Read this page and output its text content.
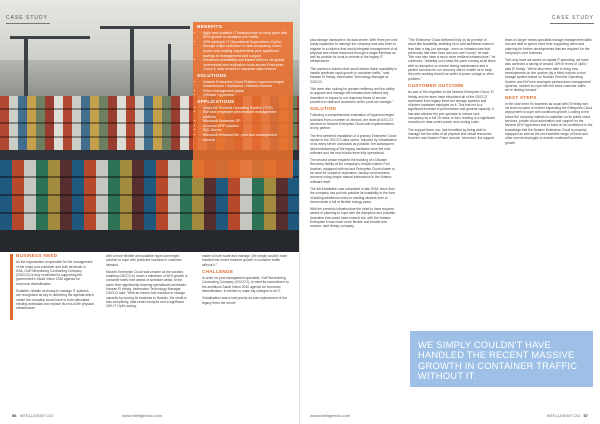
CASE STUDY
BENEFITS
• Agile and scalable IT infrastructure to keep pace with 50% growth in container port traffic
• 15% saving in IT Operational Expenditure (OpEx) through major reduction in rack occupancy, lower power and cooling requirements plus significant savings in management and support
• Enhanced availability and instant failover via global incremental and replication tools across Enterprise Cloud & data centres in separate data centres
SOLUTIONS
• Nutanix Enterprise Cloud Platform hyperconverged infrastructure / replication / Nutanix clusters
• Prism management plane
• VMware Hypervisor
APPLICATIONS
• Navis N4 Terminal Operating System (TOS)
• EnForce employee performance management platform
• Microsoft Dynamics GP
• In-house ERP solution
• SQL Server
• Microsoft Windows file, print and management servers
BUSINESS NEED

As the organisation responsible for the management of the major port container and bulk terminals in KSA, Gulf Stevedoring Contracting Company (GSCCO) is fully committed to supporting the government's Saudi Vision 2030 agenda for economic diversification.

Scalable, reliable and easy to manage IT systems are recognised as key to delivering the agenda which meant the company would have to both rationalise existing workloads and replace its end-of-life physical infrastructure

with a more flexible and scalable hyper-converged solution to cope with predicted increase in customer demand.

Nutanix Enterprise Cloud was chosen as the solution, enabling GSCCO to reach a milestone of 50% growth in container traffic well ahead of schedule whilst, at the same time significantly lowering operational overheads. Hassan El Helaly, Information Technology Manager, GSCCO said: "With an eleven-fold increase in storage capacity by moving its business to Nutanix, the result is less complexity, data centre footprint and a significant 15% IT OpEx saving,

easier to both scale and manage. We simply couldn't have handled the recent massive growth in container traffic without it."

CHALLENGE

In order for port management specialist, Gulf Stevedoring Contracting Company (GSCCO), to meet its commitment to the ambitious Saudi Vision 2030 agenda for economic diversification, it needed to make big changes to its IT.

Virtualisation was a real priority as was replacement of the legacy three-tier server

56 INTELLIGENT CIO	www.intelligentcio.com
CASE STUDY

plus storage hardware in its data centre. With three per cent ready expansion to manage the company was also keen to migrate to a solution that would integrate management of all physical and virtual resources through a single interface as well as provide for local-to-remote of the legacy IT infrastructure.

"We wanted a solution that would deliver linear scalability to handle predicted rapid growth in container traffic," said Hassan El Helaly, Information Technology Manager at GSCCO.

"We were also looking for greater resiliency and the ability to upgrade and manage the infrastructure without any downtime or impact to our response times of service provided to staff and customers at the ports we manage."

SOLUTION

Following a comprehensive evaluation of hyperconverged solutions from a number of vendors, the team at GSCCO decided on Nutanix Enterprise Cloud with implementation led by partner.

The first weekend installation of a primary Enterprise Cloud cluster in the GSCCO data centre, followed by virtualisation of as many server workloads as possible, the subsequent decommissioning of the legacy hardware once the new software and the new blocks were fully operational.

The second phase required the building of a Disaster Recovery facility at the company's Jeddah Islamic Port location, equipped with second Enterprise Cloud cluster to be used for snapshot replication, backup and business recovery using simple natural instructions in the Nutanix software itself.

The full installation was completed in late 2016, since then the company has put into practice its scalability in the form of adding additional nodes to existing clusters over to demonstrate a full of flexible energy years.

With the previous infrastructure the need to have required weeks of planning to cope with the disruption and possible downtime that would have ensued but, with the Nutanix Enterprise it was much more flexible and trouble-free manner, said Helaly, company.

"The Enterprise Cloud delivered fully on its promise of cloud-like scalability, enabling us to add additional nodes in less than a day (on average - even on infrastructure that previously had seen fixed add-ons over hours)" he said. "We now also have a much more resilient infrastructure," he continued, "allowing us to keep the ports running at all times with no disruption or service during maintenance and a perfect scenario for our recovery site to enable us to keep the ports working should we suffer a power outage or other problem."

CUSTOMER OUTCOME

As part of the migration to the Nutanix Enterprise Cloud, El Helaly and his team have virtualised all of the GSCCO workloads from legacy three-tier storage systems and vSphere hardware deployed on it. This has led to a significant increase in performance and general capacity. It has also allowed the port operator to reduce rack occupancy by a full 15 racks, in turn, leading to a significant reduction in data centre power and cooling costs.

The support team, too, has benefited by being able to manage the two sites of all physical and virtual resources from the one Nutanix Prism console. Moreover, the support

team no longer needs specialist storage management skills and are able to spend more time supporting users and planning for further developments that are required for the company's core business.

"Not only have we saved on capital IT spending, we have also achieved a saving of around 15% in terms of OpEx," said El Helaly. "We've also been able to bring new developments on line quicker (by a third) include a new storage system based on Nutanix Terminal Operating System and EnForce employee performance management systems, needed to cope with the extra customer traffic we're dealing forward."

NEXT STEPS

In the short term it's business as usual with El Helaly and his team focused on further expanding the Enterprise Cloud deployment to cope with continued growth. Looking to the future the company intends to capitalise on its public cloud services, private cloud automation and support for the Nutanix AHV hypervisor and to build on its confidence in the knowledge that the Nutanix Enterprise Cloud is properly equipped as well as the next sizeable range of these and other new technologies to enable continued business growth.

WE SIMPLY COULDN'T HAVE HANDLED THE RECENT MASSIVE GROWTH IN CONTAINER TRAFFIC WITHOUT IT.
www.intelligentcio.com	INTELLIGENT CIO 57
